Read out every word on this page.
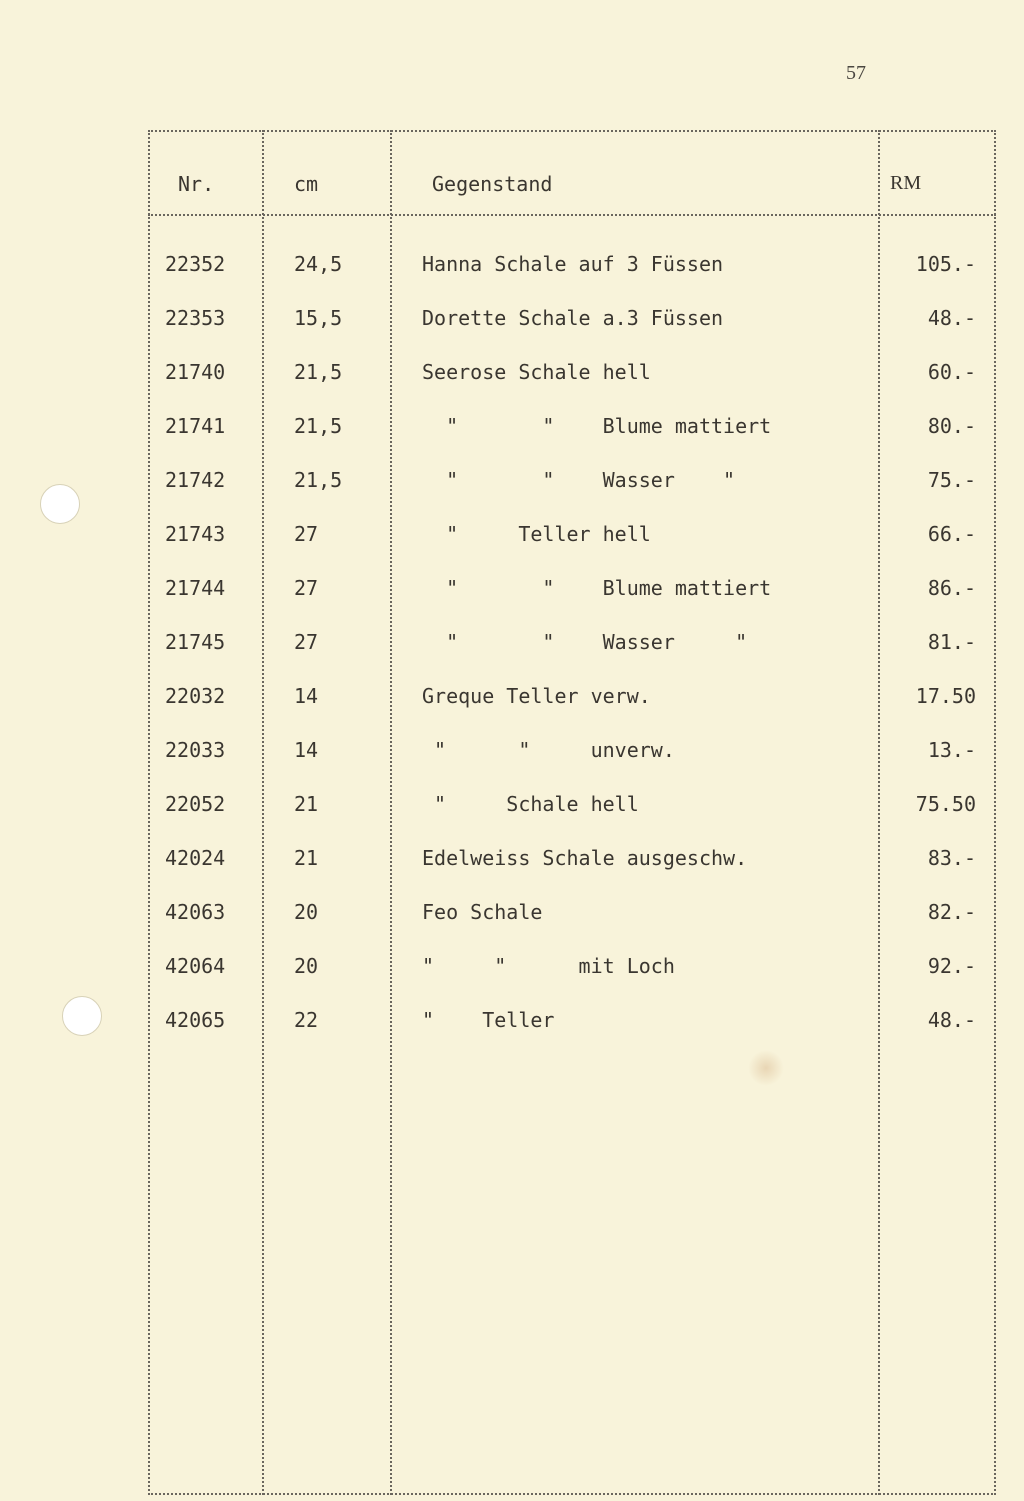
57
Nr.	cm	Gegenstand	RM
22352	24,5	Hanna Schale auf 3 Füssen	105.-
22353	15,5	Dorette Schale a.3 Füssen	48.-
21740	21,5	Seerose Schale hell	60.-
21741	21,5	"       "    Blume mattiert	80.-
21742	21,5	"       "    Wasser    "	75.-
21743	27	"     Teller hell	66.-
21744	27	"       "    Blume mattiert	86.-
21745	27	"       "    Wasser     "	81.-
22032	14	Greque Teller verw.	17.50
22033	14	"      "     unverw.	13.-
22052	21	"     Schale hell	75.50
42024	21	Edelweiss Schale ausgeschw.	83.-
42063	20	Feo Schale	82.-
42064	20	"     "      mit Loch	92.-
42065	22	"    Teller	48.-
